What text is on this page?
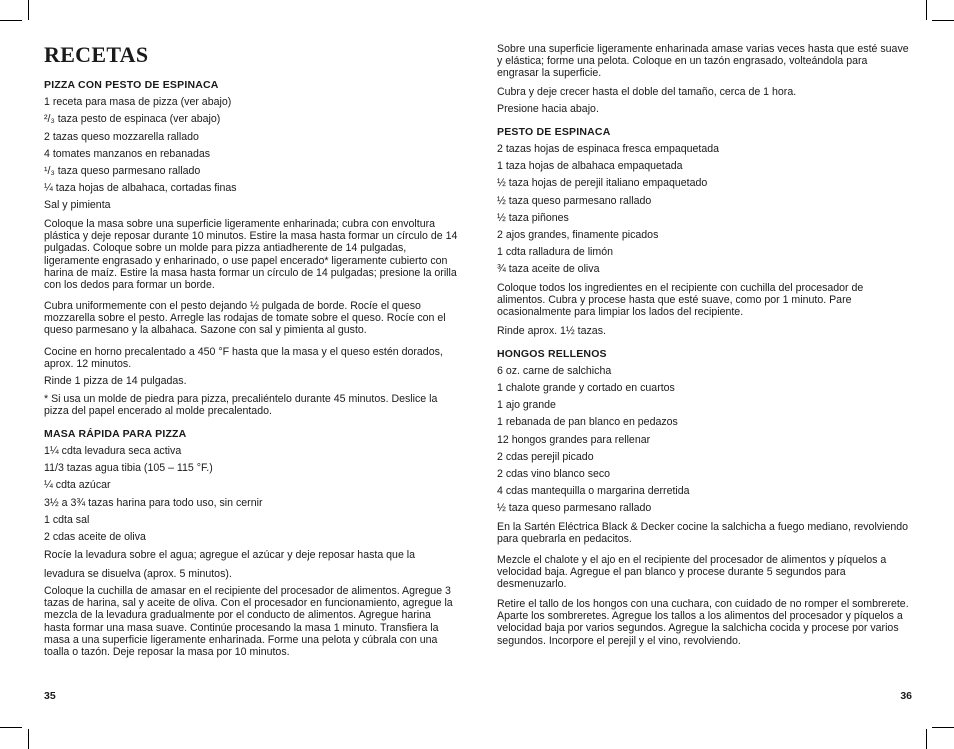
RECETAS
PIZZA CON PESTO DE ESPINACA

1 receta para masa de pizza (ver abajo)

²/₃ taza pesto de espinaca (ver abajo)

2 tazas queso mozzarella rallado

4 tomates manzanos en rebanadas

¹/₃ taza queso parmesano rallado

¼ taza hojas de albahaca, cortadas finas

Sal y pimienta

Coloque la masa sobre una superficie ligeramente enharinada; cubra con envoltura plástica y deje reposar durante 10 minutos. Estire la masa hasta formar un círculo de 14 pulgadas. Coloque sobre un molde para pizza antiadherente de 14 pulgadas, ligeramente engrasado y enharinado, o use papel encerado* ligeramente cubierto con harina de maíz. Estire la masa hasta formar un círculo de 14 pulgadas; presione la orilla con los dedos para formar un borde.

Cubra uniformemente con el pesto dejando ½ pulgada de borde. Rocíe el queso mozzarella sobre el pesto. Arregle las rodajas de tomate sobre el queso. Rocíe con el queso parmesano y la albahaca. Sazone con sal y pimienta al gusto.

Cocine en horno precalentado a 450 °F hasta que la masa y el queso estén dorados, aprox. 12 minutos.

Rinde 1 pizza de 14 pulgadas.

* Si usa un molde de piedra para pizza, precaliéntelo durante 45 minutos. Deslice la pizza del papel encerado al molde precalentado.

MASA RÁPIDA PARA PIZZA

1¼ cdta levadura seca activa

11/3 tazas agua tibia (105 – 115 °F.)

¼ cdta azúcar

3½ a 3¾ tazas harina para todo uso, sin cernir

1 cdta sal

2 cdas aceite de oliva

Rocíe la levadura sobre el agua; agregue el azúcar y deje reposar hasta que la

levadura se disuelva (aprox. 5 minutos).

Coloque la cuchilla de amasar en el recipiente del procesador de alimentos. Agregue 3 tazas de harina, sal y aceite de oliva. Con el procesador en funcionamiento, agregue la mezcla de la levadura gradualmente por el conducto de alimentos. Agregue harina hasta formar una masa suave. Continúe procesando la masa 1 minuto. Transfiera la masa a una superficie ligeramente enharinada. Forme una pelota y cúbrala con una toalla o tazón. Deje reposar la masa por 10 minutos.

35

Sobre una superficie ligeramente enharinada amase varias veces hasta que esté suave y elástica; forme una pelota. Coloque en un tazón engrasado, volteándola para engrasar la superficie.

Cubra y deje crecer hasta el doble del tamaño, cerca de 1 hora.

Presione hacia abajo.

PESTO DE ESPINACA

2 tazas hojas de espinaca fresca empaquetada

1 taza hojas de albahaca empaquetada

½ taza hojas de perejil italiano empaquetado

½ taza queso parmesano rallado

½ taza piñones

2 ajos grandes, finamente picados

1 cdta ralladura de limón

¾ taza aceite de oliva

Coloque todos los ingredientes en el recipiente con cuchilla del procesador de alimentos. Cubra y procese hasta que esté suave, como por 1 minuto. Pare ocasionalmente para limpiar los lados del recipiente.

Rinde aprox. 1½ tazas.

HONGOS RELLENOS

6 oz. carne de salchicha

1 chalote grande y cortado en cuartos

1 ajo grande

1 rebanada de pan blanco en pedazos

12 hongos grandes para rellenar

2 cdas perejil picado

2 cdas vino blanco seco

4 cdas mantequilla o margarina derretida

½ taza queso parmesano rallado

En la Sartén Eléctrica Black & Decker cocine la salchicha a fuego mediano, revolviendo para quebrarla en pedacitos.

Mezcle el chalote y el ajo en el recipiente del procesador de alimentos y píquelos a velocidad baja. Agregue el pan blanco y procese durante 5 segundos para desmenuzarlo.

Retire el tallo de los hongos con una cuchara, con cuidado de no romper el sombrerete. Aparte los sombreretes. Agregue los tallos a los alimentos del procesador y píquelos a velocidad baja por varios segundos. Agregue la salchicha cocida y procese por varios segundos. Incorpore el perejil y el vino, revolviendo.

36
